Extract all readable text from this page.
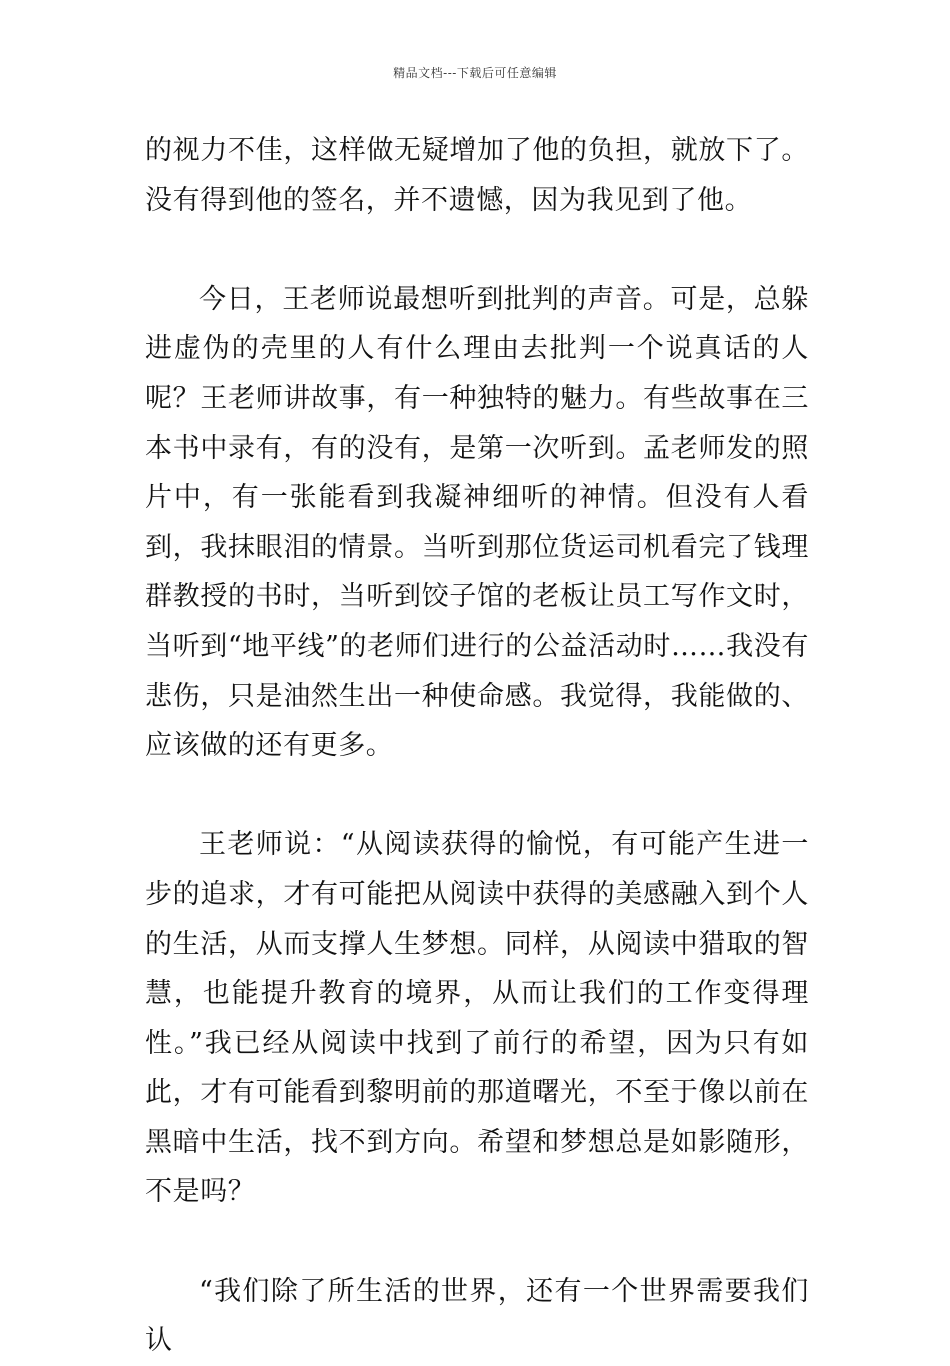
精品文档---下载后可任意编辑

的视力不佳，这样做无疑增加了他的负担，就放下了。没有得到他的签名，并不遗憾，因为我见到了他。

今日，王老师说最想听到批判的声音。可是，总躲进虚伪的壳里的人有什么理由去批判一个说真话的人呢？王老师讲故事，有一种独特的魅力。有些故事在三本书中录有，有的没有，是第一次听到。孟老师发的照片中，有一张能看到我凝神细听的神情。但没有人看到，我抹眼泪的情景。当听到那位货运司机看完了钱理群教授的书时，当听到饺子馆的老板让员工写作文时，当听到“地平线”的老师们进行的公益活动时……我没有悲伤，只是油然生出一种使命感。我觉得，我能做的、应该做的还有更多。

王老师说：“从阅读获得的愉悦，有可能产生进一步的追求，才有可能把从阅读中获得的美感融入到个人的生活，从而支撑人生梦想。同样，从阅读中猎取的智慧，也能提升教育的境界，从而让我们的工作变得理性。”我已经从阅读中找到了前行的希望，因为只有如此，才有可能看到黎明前的那道曙光，不至于像以前在黑暗中生活，找不到方向。希望和梦想总是如影随形，不是吗？

“我们除了所生活的世界，还有一个世界需要我们认
